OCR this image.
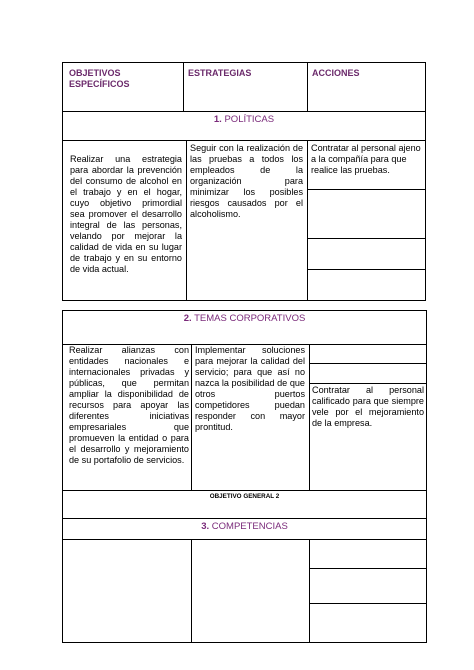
OBJETIVOS ESPECÍFICOS
ESTRATEGIAS	ACCIONES
1. POLÍTICAS
Realizar una estrategia para abordar la prevención del consumo de alcohol en el trabajo y en el hogar, cuyo objetivo primordial sea promover el desarrollo integral de las personas, velando por mejorar la calidad de vida en su lugar de trabajo y en su entorno de vida actual.
Seguir con la realización de las pruebas a todos los empleados de la organización para minimizar los posibles riesgos causados por el alcoholismo.
Contratar al personal ajeno a la compañía para que realice las pruebas.
2. TEMAS CORPORATIVOS
Realizar alianzas con entidades nacionales e internacionales privadas y públicas, que permitan ampliar la disponibilidad de recursos para apoyar las diferentes iniciativas empresariales que promueven la entidad o para el desarrollo y mejoramiento de su portafolio de servicios.
Implementar soluciones para mejorar la calidad del servicio; para que así no nazca la posibilidad de que otros puertos competidores puedan responder con mayor prontitud.
Contratar al personal calificado para que siempre vele por el mejoramiento de la empresa.
OBJETIVO GENERAL 2
3. COMPETENCIAS
